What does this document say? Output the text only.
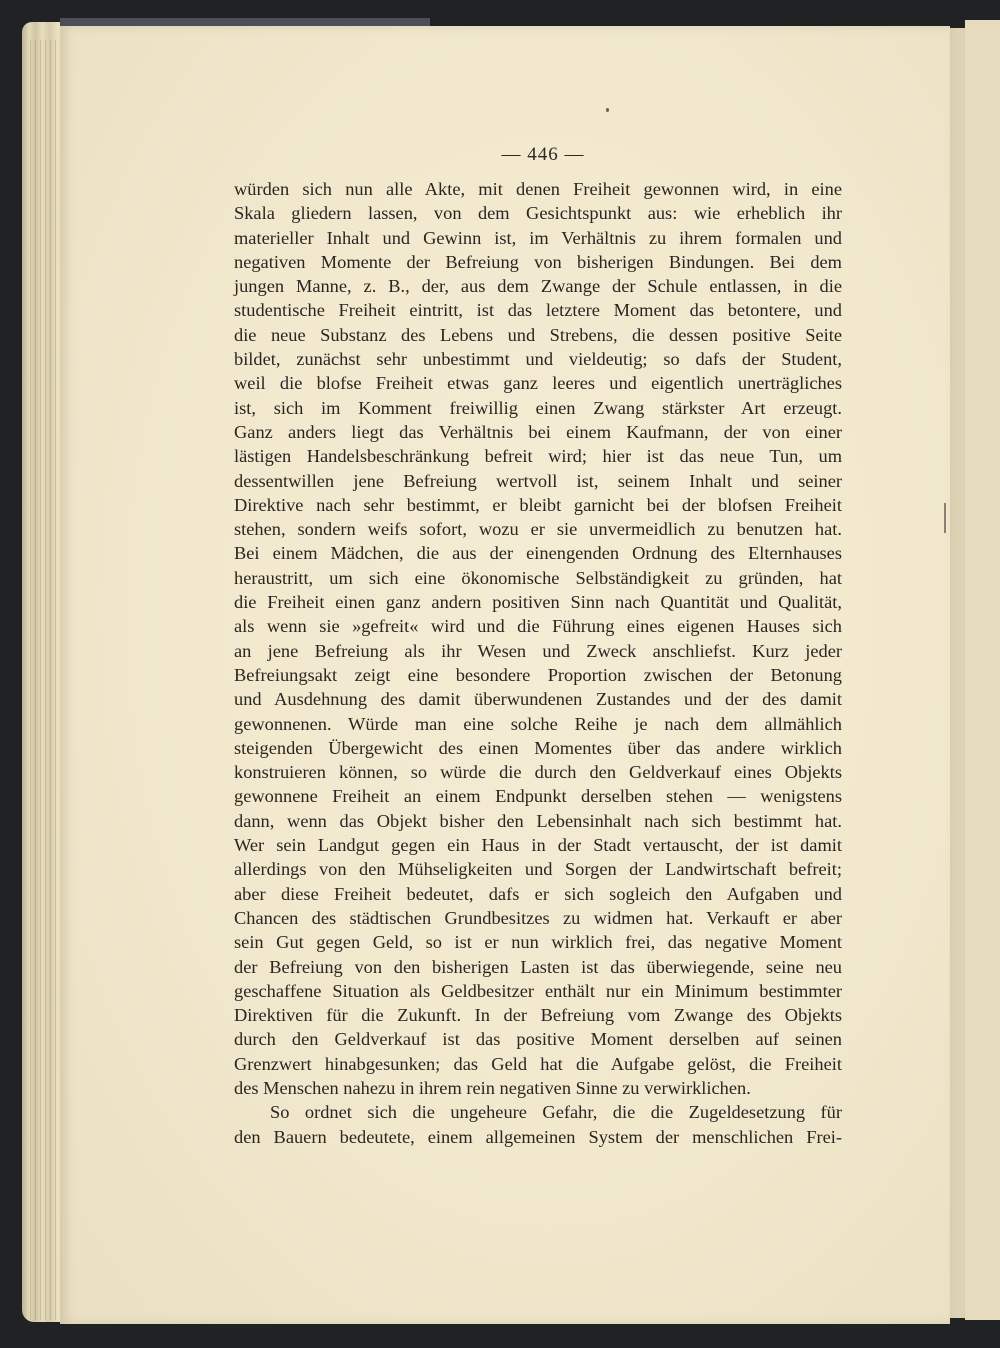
— 446 —
würden sich nun alle Akte, mit denen Freiheit gewonnen wird, in eine
Skala gliedern lassen, von dem Gesichtspunkt aus: wie erheblich ihr
materieller Inhalt und Gewinn ist, im Verhältnis zu ihrem formalen und
negativen Momente der Befreiung von bisherigen Bindungen. Bei dem
jungen Manne, z. B., der, aus dem Zwange der Schule entlassen, in die
studentische Freiheit eintritt, ist das letztere Moment das betontere, und
die neue Substanz des Lebens und Strebens, die dessen positive Seite
bildet, zunächst sehr unbestimmt und vieldeutig; so dafs der Student,
weil die blofse Freiheit etwas ganz leeres und eigentlich unerträgliches
ist, sich im Komment freiwillig einen Zwang stärkster Art erzeugt.
Ganz anders liegt das Verhältnis bei einem Kaufmann, der von einer
lästigen Handelsbeschränkung befreit wird; hier ist das neue Tun, um
dessentwillen jene Befreiung wertvoll ist, seinem Inhalt und seiner
Direktive nach sehr bestimmt, er bleibt garnicht bei der blofsen Freiheit
stehen, sondern weifs sofort, wozu er sie unvermeidlich zu benutzen hat.
Bei einem Mädchen, die aus der einengenden Ordnung des Elternhauses
heraustritt, um sich eine ökonomische Selbständigkeit zu gründen, hat
die Freiheit einen ganz andern positiven Sinn nach Quantität und Qualität,
als wenn sie »gefreit« wird und die Führung eines eigenen Hauses sich
an jene Befreiung als ihr Wesen und Zweck anschliefst. Kurz jeder
Befreiungsakt zeigt eine besondere Proportion zwischen der Betonung
und Ausdehnung des damit überwundenen Zustandes und der des damit
gewonnenen. Würde man eine solche Reihe je nach dem allmählich
steigenden Übergewicht des einen Momentes über das andere wirklich
konstruieren können, so würde die durch den Geldverkauf eines Objekts
gewonnene Freiheit an einem Endpunkt derselben stehen — wenigstens
dann, wenn das Objekt bisher den Lebensinhalt nach sich bestimmt hat.
Wer sein Landgut gegen ein Haus in der Stadt vertauscht, der ist damit
allerdings von den Mühseligkeiten und Sorgen der Landwirtschaft befreit;
aber diese Freiheit bedeutet, dafs er sich sogleich den Aufgaben und
Chancen des städtischen Grundbesitzes zu widmen hat. Verkauft er aber
sein Gut gegen Geld, so ist er nun wirklich frei, das negative Moment
der Befreiung von den bisherigen Lasten ist das überwiegende, seine neu
geschaffene Situation als Geldbesitzer enthält nur ein Minimum bestimmter
Direktiven für die Zukunft. In der Befreiung vom Zwange des Objekts
durch den Geldverkauf ist das positive Moment derselben auf seinen
Grenzwert hinabgesunken; das Geld hat die Aufgabe gelöst, die Freiheit
des Menschen nahezu in ihrem rein negativen Sinne zu verwirklichen.
So ordnet sich die ungeheure Gefahr, die die Zugeldesetzung für
den Bauern bedeutete, einem allgemeinen System der menschlichen Frei-
